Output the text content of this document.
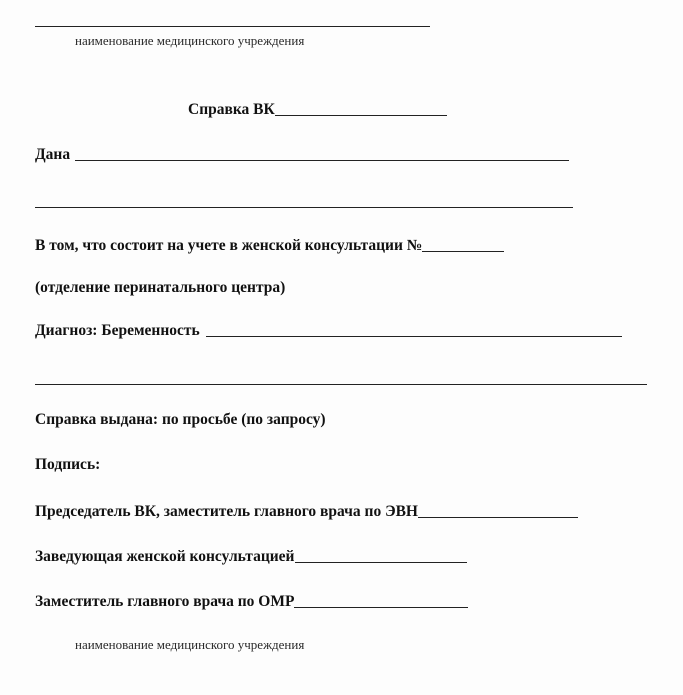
наименование медицинского учреждения
Справка ВК
Дана
В том, что состоит на учете в женской консультации №
(отделение перинатального центра)
Диагноз: Беременность
Справка выдана: по просьбе (по запросу)
Подпись:
Председатель ВК, заместитель главного врача по ЭВН
Заведующая женской консультацией
Заместитель главного врача по ОМР
наименование медицинского учреждения
